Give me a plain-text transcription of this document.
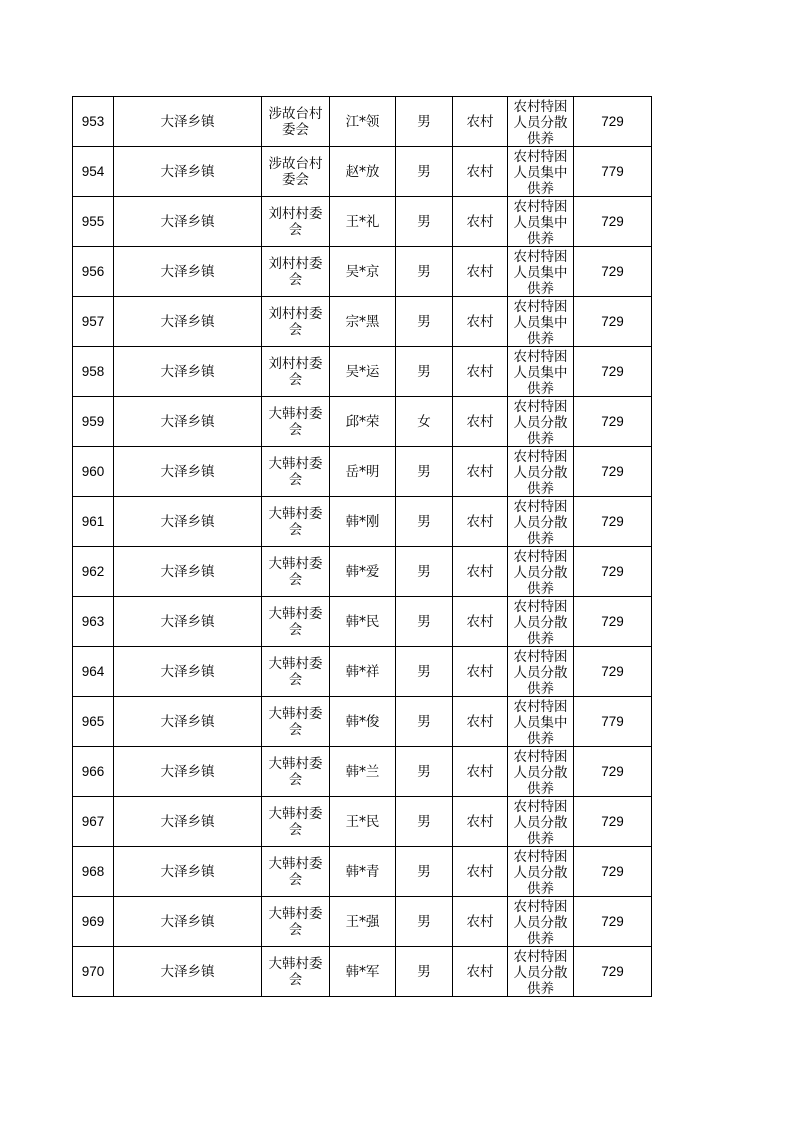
953	大泽乡镇	涉故台村委会	江*领	男	农村	农村特困人员分散供养	729
954	大泽乡镇	涉故台村委会	赵*放	男	农村	农村特困人员集中供养	779
955	大泽乡镇	刘村村委会	王*礼	男	农村	农村特困人员集中供养	729
956	大泽乡镇	刘村村委会	吴*京	男	农村	农村特困人员集中供养	729
957	大泽乡镇	刘村村委会	宗*黑	男	农村	农村特困人员集中供养	729
958	大泽乡镇	刘村村委会	吴*运	男	农村	农村特困人员集中供养	729
959	大泽乡镇	大韩村委会	邱*荣	女	农村	农村特困人员分散供养	729
960	大泽乡镇	大韩村委会	岳*明	男	农村	农村特困人员分散供养	729
961	大泽乡镇	大韩村委会	韩*刚	男	农村	农村特困人员分散供养	729
962	大泽乡镇	大韩村委会	韩*爱	男	农村	农村特困人员分散供养	729
963	大泽乡镇	大韩村委会	韩*民	男	农村	农村特困人员分散供养	729
964	大泽乡镇	大韩村委会	韩*祥	男	农村	农村特困人员分散供养	729
965	大泽乡镇	大韩村委会	韩*俊	男	农村	农村特困人员集中供养	779
966	大泽乡镇	大韩村委会	韩*兰	男	农村	农村特困人员分散供养	729
967	大泽乡镇	大韩村委会	王*民	男	农村	农村特困人员分散供养	729
968	大泽乡镇	大韩村委会	韩*青	男	农村	农村特困人员分散供养	729
969	大泽乡镇	大韩村委会	王*强	男	农村	农村特困人员分散供养	729
970	大泽乡镇	大韩村委会	韩*军	男	农村	农村特困人员分散供养	729
